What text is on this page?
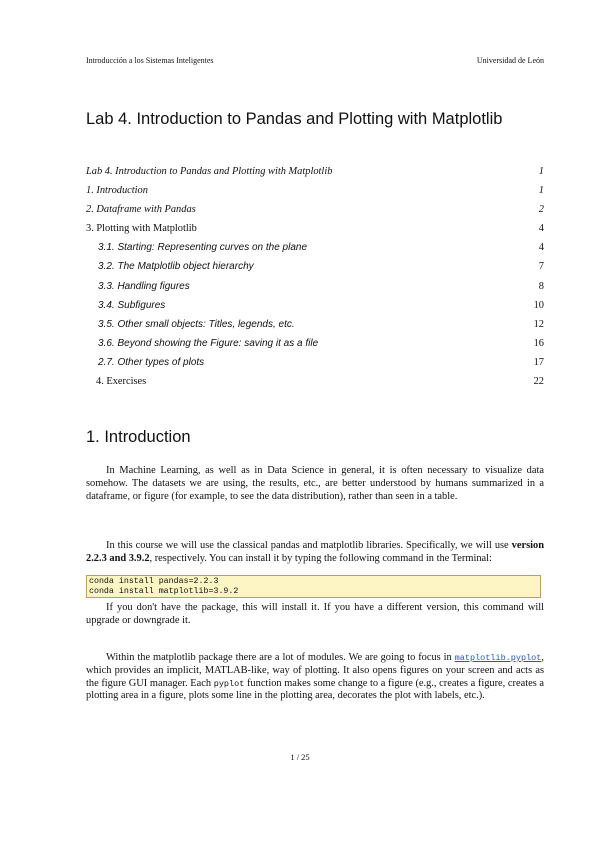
Introducción a los Sistemas Inteligentes	Universidad de León
Lab 4. Introduction to Pandas and Plotting with Matplotlib
Lab 4. Introduction to Pandas and Plotting with Matplotlib	1
1. Introduction	1
2. Dataframe with Pandas	2
3. Plotting with Matplotlib	4
3.1. Starting: Representing curves on the plane	4
3.2. The Matplotlib object hierarchy	7
3.3. Handling figures	8
3.4. Subfigures	10
3.5. Other small objects: Titles, legends, etc.	12
3.6. Beyond showing the Figure: saving it as a file	16
2.7. Other types of plots	17
4. Exercises	22
1. Introduction

In Machine Learning, as well as in Data Science in general, it is often necessary to visualize data somehow. The datasets we are using, the results, etc., are better understood by humans summarized in a dataframe, or figure (for example, to see the data distribution), rather than seen in a table.

In this course we will use the classical pandas and matplotlib libraries. Specifically, we will use version 2.2.3 and 3.9.2, respectively. You can install it by typing the following command in the Terminal:

conda install pandas=2.2.3
conda install matplotlib=3.9.2

If you don't have the package, this will install it. If you have a different version, this command will upgrade or downgrade it.

Within the matplotlib package there are a lot of modules. We are going to focus in matplotlib.pyplot, which provides an implicit, MATLAB-like, way of plotting. It also opens figures on your screen and acts as the figure GUI manager. Each pyplot function makes some change to a figure (e.g., creates a figure, creates a plotting area in a figure, plots some line in the plotting area, decorates the plot with labels, etc.).

1 / 25
